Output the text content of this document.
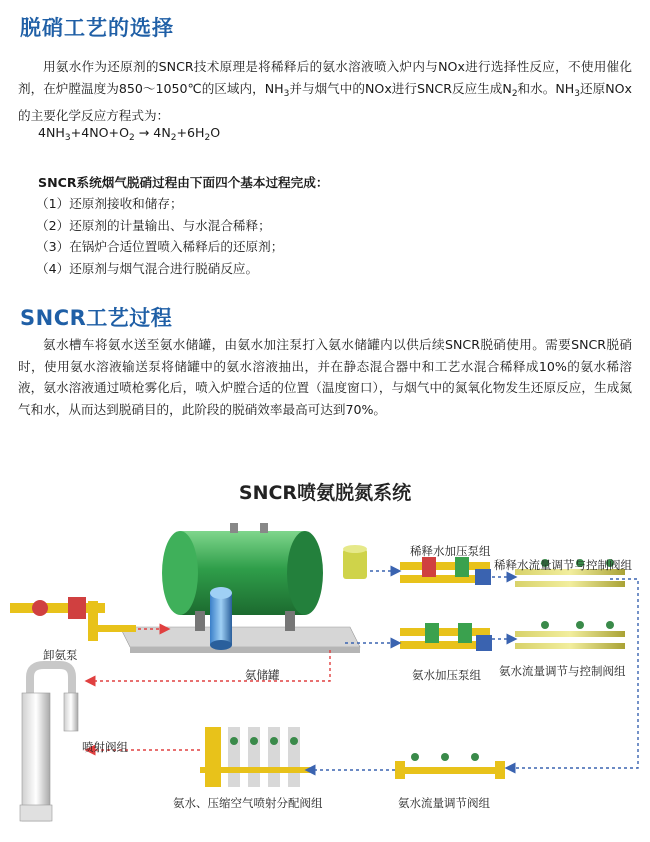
脱硝工艺的选择
用氨水作为还原剂的SNCR技术原理是将稀释后的氨水溶液喷入炉内与NOx进行选择性反应，不使用催化剂，在炉膛温度为850～1050℃的区域内，$NH_3$并与烟气中的NOx进行SNCR反应生成$N_2$和水。$NH_3$还原NOx的主要化学反应方程式为：
$4NH_3+4NO+O_2 \to 4N_2+6H_2O$
SNCR系统烟气脱硝过程由下面四个基本过程完成：
（1）还原剂接收和储存；
（2）还原剂的计量输出、与水混合稀释；
（3）在锅炉合适位置喷入稀释后的还原剂；
（4）还原剂与烟气混合进行脱硝反应。
SNCR工艺过程
氨水槽车将氨水送至氨水储罐，由氨水加注泵打入氨水储罐内以供后续SNCR脱硝使用。需要SNCR脱硝时，使用氨水溶液输送泵将储罐中的氨水溶液抽出，并在静态混合器中和工艺水混合稀释成10%的氨水稀溶液，氨水溶液通过喷枪雾化后，喷入炉膛合适的位置（温度窗口），与烟气中的氮氧化物发生还原反应，生成氮气和水，从而达到脱硝目的，此阶段的脱硝效率最高可达到70%。
SNCR喷氨脱氮系统
稀释水加压泵组
稀释水流量调节与控制阀组
卸氨泵
氨储罐	氨水加压泵组 氨水流量调节与控制阀组
喷射阀组
氨水、压缩空气喷射分配阀组	氨水流量调节阀组
